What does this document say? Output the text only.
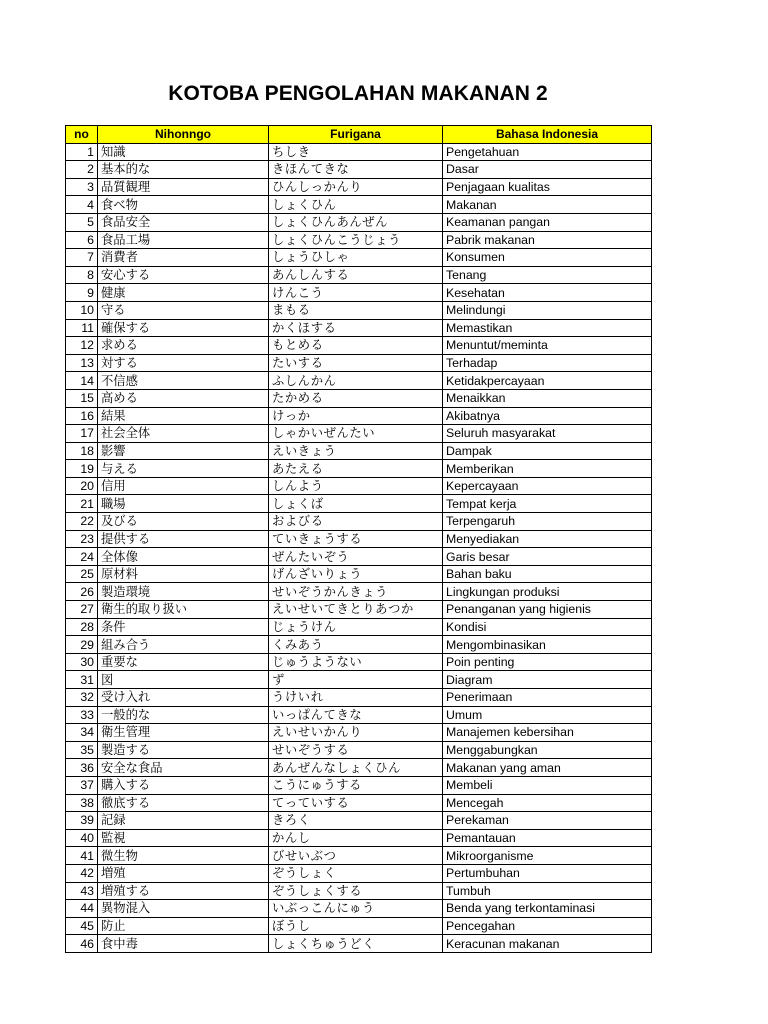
KOTOBA PENGOLAHAN MAKANAN 2
no	Nihonngo	Furigana	Bahasa Indonesia
1	知識	ちしき	Pengetahuan
2	基本的な	きほんてきな	Dasar
3	品質観理	ひんしっかんり	Penjagaan kualitas
4	食べ物	しょくひん	Makanan
5	食品安全	しょくひんあんぜん	Keamanan pangan
6	食品工場	しょくひんこうじょう	Pabrik makanan
7	消費者	しょうひしゃ	Konsumen
8	安心する	あんしんする	Tenang
9	健康	けんこう	Kesehatan
10	守る	まもる	Melindungi
11	確保する	かくほする	Memastikan
12	求める	もとめる	Menuntut/meminta
13	対する	たいする	Terhadap
14	不信感	ふしんかん	Ketidakpercayaan
15	高める	たかめる	Menaikkan
16	結果	けっか	Akibatnya
17	社会全体	しゃかいぜんたい	Seluruh masyarakat
18	影響	えいきょう	Dampak
19	与える	あたえる	Memberikan
20	信用	しんよう	Kepercayaan
21	職場	しょくば	Tempat kerja
22	及びる	およびる	Terpengaruh
23	提供する	ていきょうする	Menyediakan
24	全体像	ぜんたいぞう	Garis besar
25	原材料	げんざいりょう	Bahan baku
26	製造環境	せいぞうかんきょう	Lingkungan produksi
27	衛生的取り扱い	えいせいてきとりあつか	Penanganan yang higienis
28	条件	じょうけん	Kondisi
29	組み合う	くみあう	Mengombinasikan
30	重要な	じゅうようない	Poin penting
31	図	ず	Diagram
32	受け入れ	うけいれ	Penerimaan
33	一般的な	いっぱんてきな	Umum
34	衛生管理	えいせいかんり	Manajemen kebersihan
35	製造する	せいぞうする	Menggabungkan
36	安全な食品	あんぜんなしょくひん	Makanan yang aman
37	購入する	こうにゅうする	Membeli
38	徹底する	てっていする	Mencegah
39	記録	きろく	Perekaman
40	監視	かんし	Pemantauan
41	微生物	びせいぶつ	Mikroorganisme
42	増殖	ぞうしょく	Pertumbuhan
43	増殖する	ぞうしょくする	Tumbuh
44	異物混入	いぶっこんにゅう	Benda yang terkontaminasi
45	防止	ぼうし	Pencegahan
46	食中毒	しょくちゅうどく	Keracunan makanan
